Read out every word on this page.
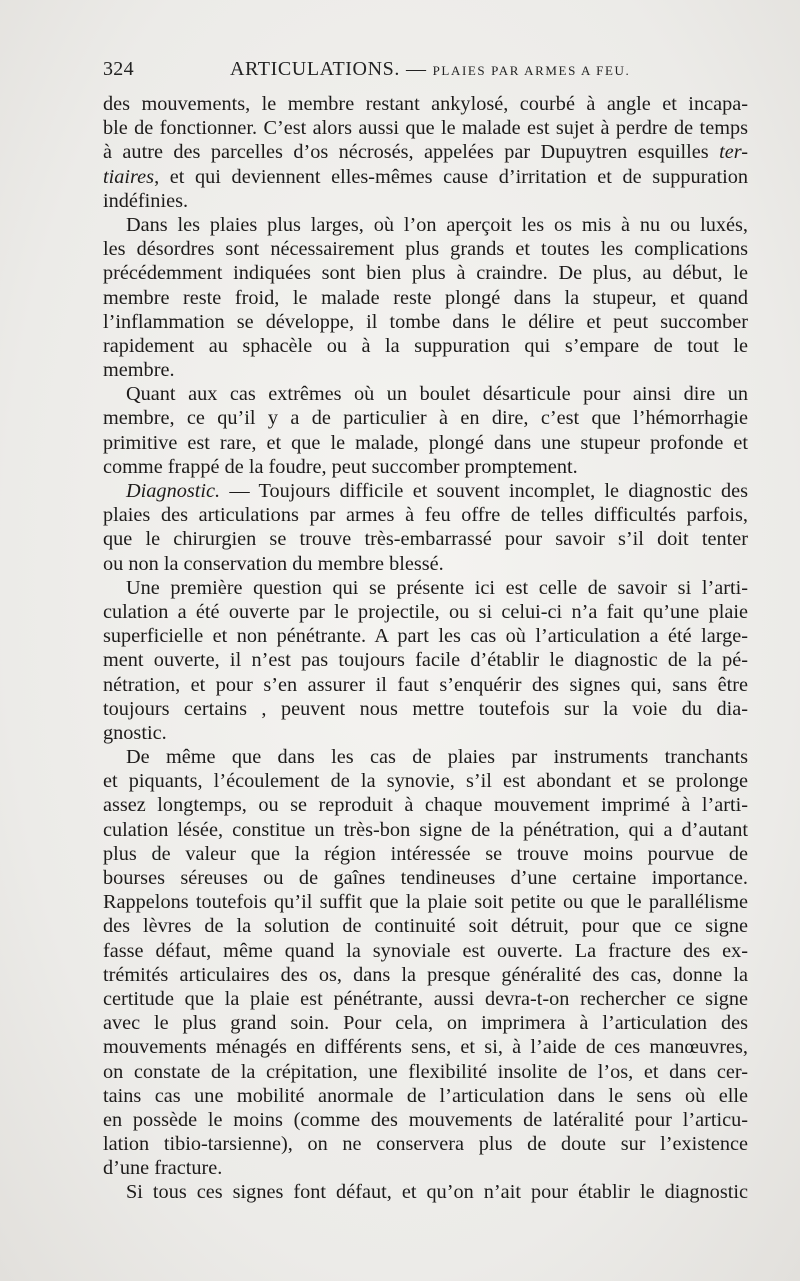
324	ARTICULATIONS. — PLAIES PAR ARMES A FEU.
des mouvements, le membre restant ankylosé, courbé à angle et incapa-
ble de fonctionner. C’est alors aussi que le malade est sujet à perdre de temps
à autre des parcelles d’os nécrosés, appelées par Dupuytren esquilles ter-
tiaires, et qui deviennent elles-mêmes cause d’irritation et de suppuration
indéfinies.
Dans les plaies plus larges, où l’on aperçoit les os mis à nu ou luxés,
les désordres sont nécessairement plus grands et toutes les complications
précédemment indiquées sont bien plus à craindre. De plus, au début, le
membre reste froid, le malade reste plongé dans la stupeur, et quand
l’inflammation se développe, il tombe dans le délire et peut succomber
rapidement au sphacèle ou à la suppuration qui s’empare de tout le
membre.
Quant aux cas extrêmes où un boulet désarticule pour ainsi dire un
membre, ce qu’il y a de particulier à en dire, c’est que l’hémorrhagie
primitive est rare, et que le malade, plongé dans une stupeur profonde et
comme frappé de la foudre, peut succomber promptement.
Diagnostic. — Toujours difficile et souvent incomplet, le diagnostic des
plaies des articulations par armes à feu offre de telles difficultés parfois,
que le chirurgien se trouve très-embarrassé pour savoir s’il doit tenter
ou non la conservation du membre blessé.
Une première question qui se présente ici est celle de savoir si l’arti-
culation a été ouverte par le projectile, ou si celui-ci n’a fait qu’une plaie
superficielle et non pénétrante. A part les cas où l’articulation a été large-
ment ouverte, il n’est pas toujours facile d’établir le diagnostic de la pé-
nétration, et pour s’en assurer il faut s’enquérir des signes qui, sans être
toujours certains , peuvent nous mettre toutefois sur la voie du dia-
gnostic.
De même que dans les cas de plaies par instruments tranchants
et piquants, l’écoulement de la synovie, s’il est abondant et se prolonge
assez longtemps, ou se reproduit à chaque mouvement imprimé à l’arti-
culation lésée, constitue un très-bon signe de la pénétration, qui a d’autant
plus de valeur que la région intéressée se trouve moins pourvue de
bourses séreuses ou de gaînes tendineuses d’une certaine importance.
Rappelons toutefois qu’il suffit que la plaie soit petite ou que le parallélisme
des lèvres de la solution de continuité soit détruit, pour que ce signe
fasse défaut, même quand la synoviale est ouverte. La fracture des ex-
trémités articulaires des os, dans la presque généralité des cas, donne la
certitude que la plaie est pénétrante, aussi devra-t-on rechercher ce signe
avec le plus grand soin. Pour cela, on imprimera à l’articulation des
mouvements ménagés en différents sens, et si, à l’aide de ces manœuvres,
on constate de la crépitation, une flexibilité insolite de l’os, et dans cer-
tains cas une mobilité anormale de l’articulation dans le sens où elle
en possède le moins (comme des mouvements de latéralité pour l’articu-
lation tibio-tarsienne), on ne conservera plus de doute sur l’existence
d’une fracture.
Si tous ces signes font défaut, et qu’on n’ait pour établir le diagnostic
